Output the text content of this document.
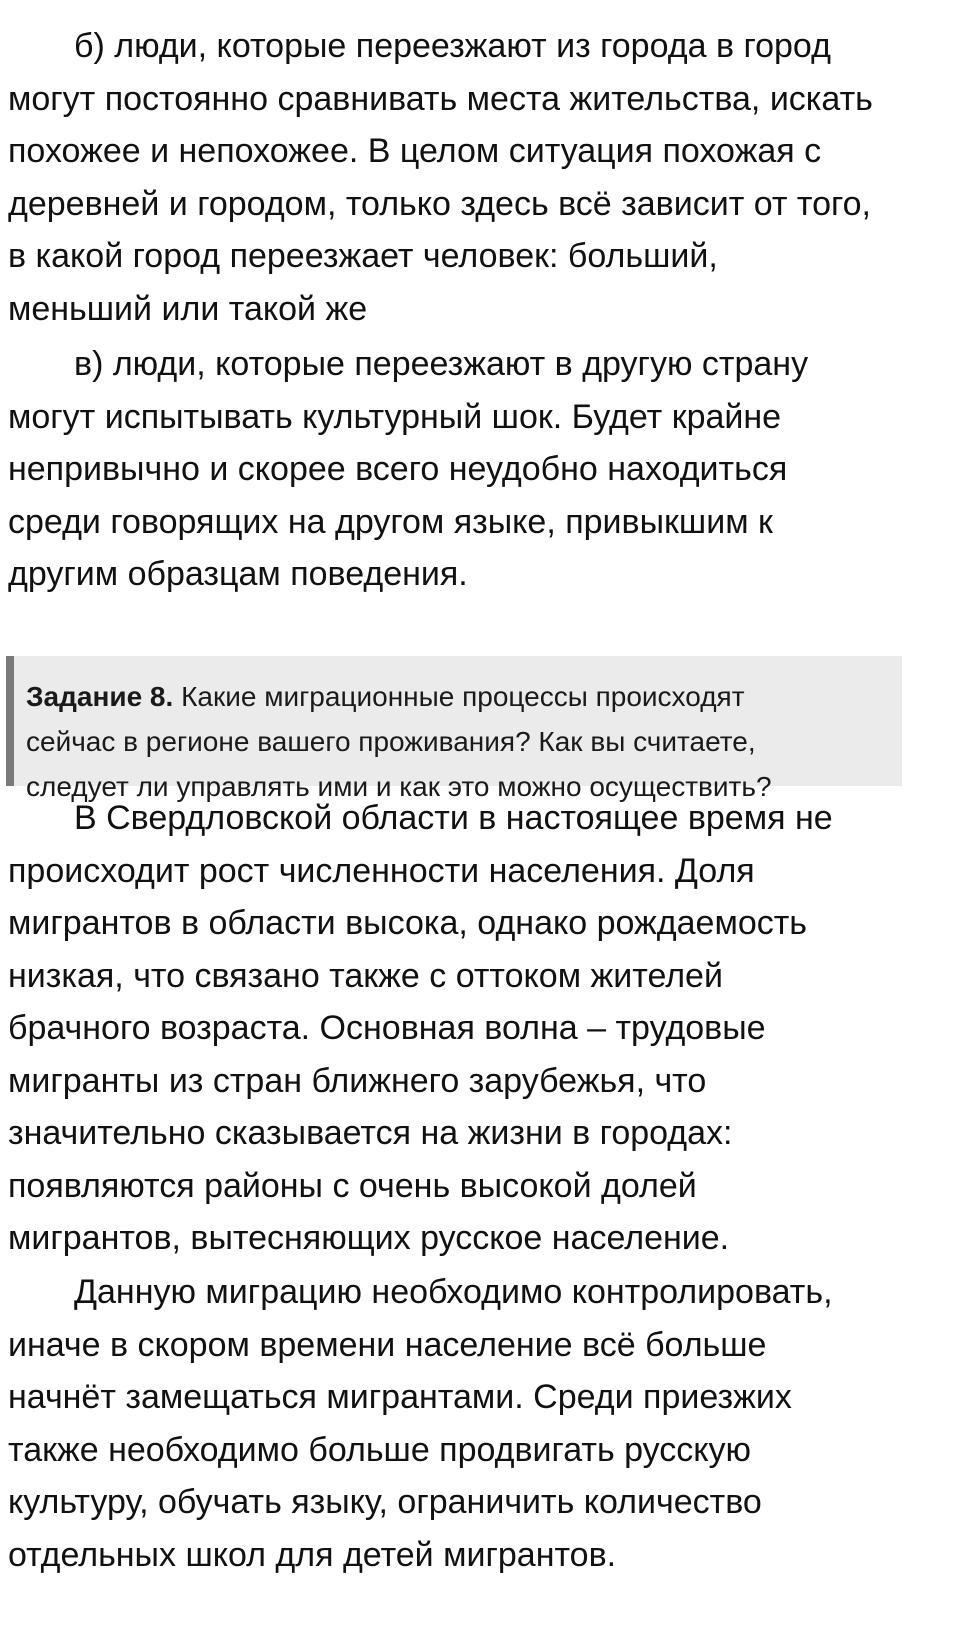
б) люди, которые переезжают из города в город
могут постоянно сравнивать места жительства, искать
похожее и непохожее. В целом ситуация похожая с
деревней и городом, только здесь всё зависит от того,
в какой город переезжает человек: больший,
меньший или такой же

в) люди, которые переезжают в другую страну
могут испытывать культурный шок. Будет крайне
непривычно и скорее всего неудобно находиться
среди говорящих на другом языке, привыкшим к
другим образцам поведения.

Задание 8. Какие миграционные процессы происходят
сейчас в регионе вашего проживания? Как вы считаете,
следует ли управлять ими и как это можно осуществить?

В Свердловской области в настоящее время не
происходит рост численности населения. Доля
мигрантов в области высока, однако рождаемость
низкая, что связано также с оттоком жителей
брачного возраста. Основная волна – трудовые
мигранты из стран ближнего зарубежья, что
значительно сказывается на жизни в городах:
появляются районы с очень высокой долей
мигрантов, вытесняющих русское население.

Данную миграцию необходимо контролировать,
иначе в скором времени население всё больше
начнёт замещаться мигрантами. Среди приезжих
также необходимо больше продвигать русскую
культуру, обучать языку, ограничить количество
отдельных школ для детей мигрантов.
